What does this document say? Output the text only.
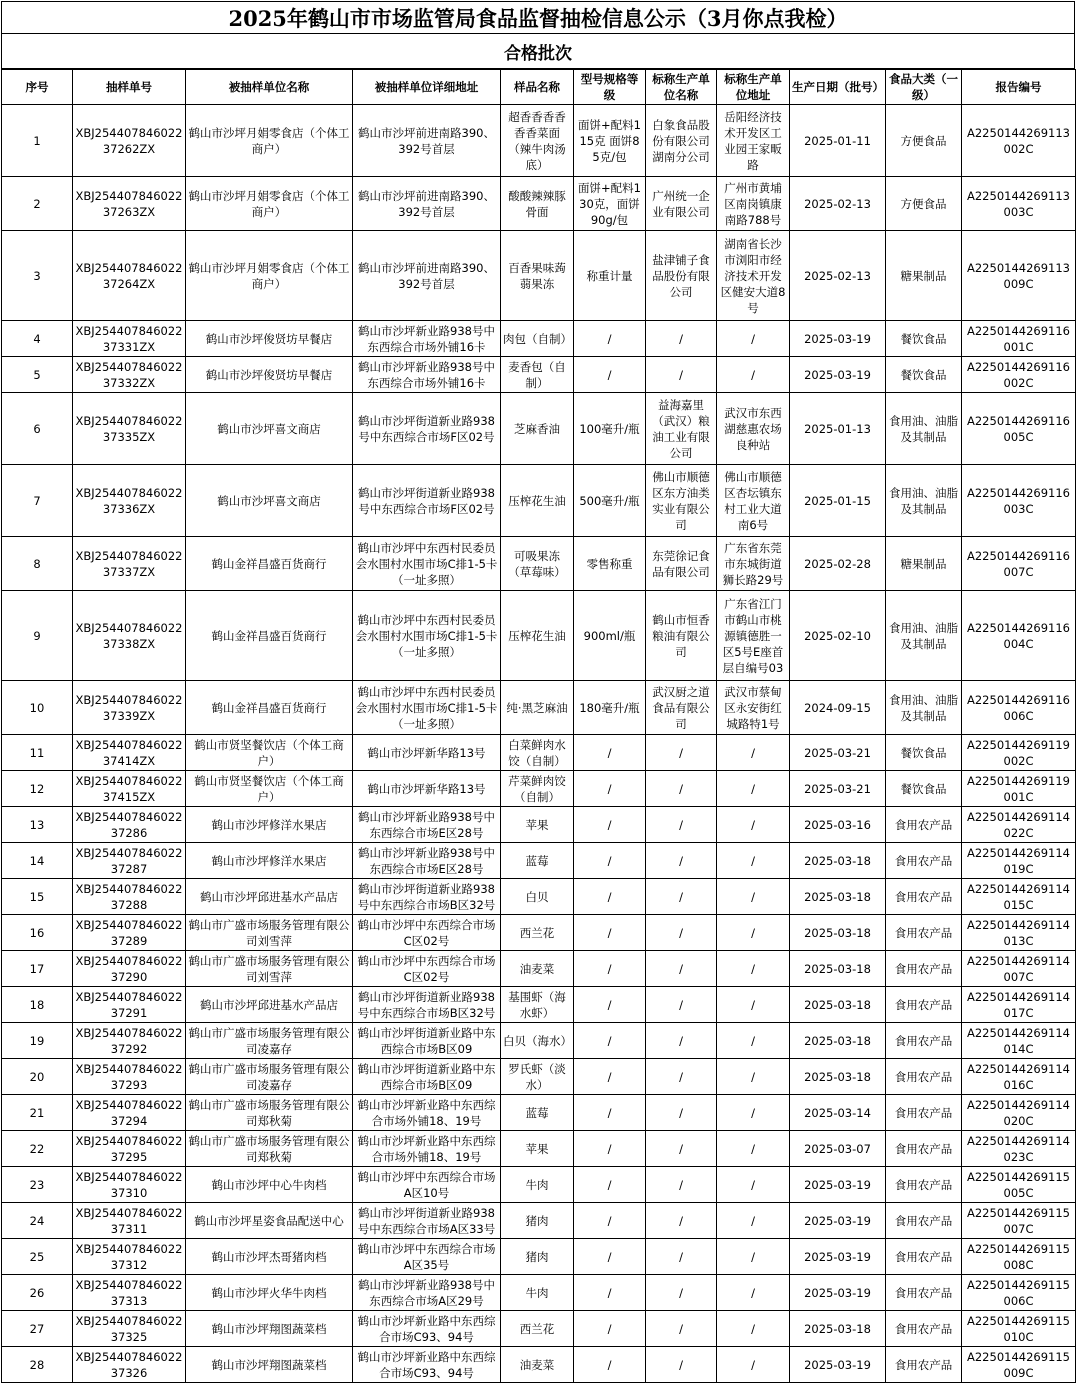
2025年鹤山市市场监管局食品监督抽检信息公示（3月你点我检）
合格批次
序号	抽样单号	被抽样单位名称	被抽样单位详细地址	样品名称	型号规格等级	标称生产单位名称	标称生产单位地址	生产日期（批号）	食品大类（一级）	报告编号
1	XBJ25440784602237262ZX	鹤山市沙坪月娟零食店（个体工商户）	鹤山市沙坪前进南路390、392号首层	超香香香香香香菜面（辣牛肉汤底）	面饼+配料115克 面饼85克/包	白象食品股份有限公司湖南分公司	岳阳经济技术开发区工业园王家畈路	2025-01-11	方便食品	A2250144269113002C
2	XBJ25440784602237263ZX	鹤山市沙坪月娟零食店（个体工商户）	鹤山市沙坪前进南路390、392号首层	酸酸辣辣豚骨面	面饼+配料130克，面饼90g/包	广州统一企业有限公司	广州市黄埔区南岗镇康南路788号	2025-02-13	方便食品	A2250144269113003C
3	XBJ25440784602237264ZX	鹤山市沙坪月娟零食店（个体工商户）	鹤山市沙坪前进南路390、392号首层	百香果味蒟蒻果冻	称重计量	盐津铺子食品股份有限公司	湖南省长沙市浏阳市经济技术开发区健安大道8号	2025-02-13	糖果制品	A2250144269113009C
4	XBJ25440784602237331ZX	鹤山市沙坪俊贤坊早餐店	鹤山市沙坪新业路938号中东西综合市场外铺16卡	肉包（自制）	/	/	/	2025-03-19	餐饮食品	A2250144269116001C
5	XBJ25440784602237332ZX	鹤山市沙坪俊贤坊早餐店	鹤山市沙坪新业路938号中东西综合市场外铺16卡	麦香包（自制）	/	/	/	2025-03-19	餐饮食品	A2250144269116002C
6	XBJ25440784602237335ZX	鹤山市沙坪喜文商店	鹤山市沙坪街道新业路938号中东西综合市场F区02号	芝麻香油	100毫升/瓶	益海嘉里（武汉）粮油工业有限公司	武汉市东西湖慈惠农场良种站	2025-01-13	食用油、油脂及其制品	A2250144269116005C
7	XBJ25440784602237336ZX	鹤山市沙坪喜文商店	鹤山市沙坪街道新业路938号中东西综合市场F区02号	压榨花生油	500毫升/瓶	佛山市顺德区东方油类实业有限公司	佛山市顺德区杏坛镇东村工业大道南6号	2025-01-15	食用油、油脂及其制品	A2250144269116003C
8	XBJ25440784602237337ZX	鹤山金祥昌盛百货商行	鹤山市沙坪中东西村民委员会水围村水围市场C排1-5卡（一址多照）	可吸果冻（草莓味）	零售称重	东莞徐记食品有限公司	广东省东莞市东城街道狮长路29号	2025-02-28	糖果制品	A2250144269116007C
9	XBJ25440784602237338ZX	鹤山金祥昌盛百货商行	鹤山市沙坪中东西村民委员会水围村水围市场C排1-5卡（一址多照）	压榨花生油	900ml/瓶	鹤山市恒香粮油有限公司	广东省江门市鹤山市桃源镇德胜一区5号E座首层自编号03	2025-02-10	食用油、油脂及其制品	A2250144269116004C
10	XBJ25440784602237339ZX	鹤山金祥昌盛百货商行	鹤山市沙坪中东西村民委员会水围村水围市场C排1-5卡（一址多照）	纯·黑芝麻油	180毫升/瓶	武汉厨之道食品有限公司	武汉市蔡甸区永安街红城路特1号	2024-09-15	食用油、油脂及其制品	A2250144269116006C
11	XBJ25440784602237414ZX	鹤山市贤坚餐饮店（个体工商户）	鹤山市沙坪新华路13号	白菜鲜肉水饺（自制）	/	/	/	2025-03-21	餐饮食品	A2250144269119002C
12	XBJ25440784602237415ZX	鹤山市贤坚餐饮店（个体工商户）	鹤山市沙坪新华路13号	芹菜鲜肉饺（自制）	/	/	/	2025-03-21	餐饮食品	A2250144269119001C
13	XBJ25440784602237286	鹤山市沙坪修洋水果店	鹤山市沙坪新业路938号中东西综合市场E区28号	苹果	/	/	/	2025-03-16	食用农产品	A2250144269114022C
14	XBJ25440784602237287	鹤山市沙坪修洋水果店	鹤山市沙坪新业路938号中东西综合市场E区28号	蓝莓	/	/	/	2025-03-18	食用农产品	A2250144269114019C
15	XBJ25440784602237288	鹤山市沙坪邱进基水产品店	鹤山市沙坪街道新业路938号中东西综合市场B区32号	白贝	/	/	/	2025-03-18	食用农产品	A2250144269114015C
16	XBJ25440784602237289	鹤山市广盛市场服务管理有限公司刘雪萍	鹤山市沙坪中东西综合市场C区02号	西兰花	/	/	/	2025-03-18	食用农产品	A2250144269114013C
17	XBJ25440784602237290	鹤山市广盛市场服务管理有限公司刘雪萍	鹤山市沙坪中东西综合市场C区02号	油麦菜	/	/	/	2025-03-18	食用农产品	A2250144269114007C
18	XBJ25440784602237291	鹤山市沙坪邱进基水产品店	鹤山市沙坪街道新业路938号中东西综合市场B区32号	基围虾（海水虾）	/	/	/	2025-03-18	食用农产品	A2250144269114017C
19	XBJ25440784602237292	鹤山市广盛市场服务管理有限公司凌嘉存	鹤山市沙坪街道新业路中东西综合市场B区09	白贝（海水）	/	/	/	2025-03-18	食用农产品	A2250144269114014C
20	XBJ25440784602237293	鹤山市广盛市场服务管理有限公司凌嘉存	鹤山市沙坪街道新业路中东西综合市场B区09	罗氏虾（淡水）	/	/	/	2025-03-18	食用农产品	A2250144269114016C
21	XBJ25440784602237294	鹤山市广盛市场服务管理有限公司郑秋菊	鹤山市沙坪新业路中东西综合市场外铺18、19号	蓝莓	/	/	/	2025-03-14	食用农产品	A2250144269114020C
22	XBJ25440784602237295	鹤山市广盛市场服务管理有限公司郑秋菊	鹤山市沙坪新业路中东西综合市场外铺18、19号	苹果	/	/	/	2025-03-07	食用农产品	A2250144269114023C
23	XBJ25440784602237310	鹤山市沙坪中心牛肉档	鹤山市沙坪中东西综合市场A区10号	牛肉	/	/	/	2025-03-19	食用农产品	A2250144269115005C
24	XBJ25440784602237311	鹤山市沙坪星姿食品配送中心	鹤山市沙坪街道新业路938号中东西综合市场A区33号	猪肉	/	/	/	2025-03-19	食用农产品	A2250144269115007C
25	XBJ25440784602237312	鹤山市沙坪杰哥猪肉档	鹤山市沙坪中东西综合市场A区35号	猪肉	/	/	/	2025-03-19	食用农产品	A2250144269115008C
26	XBJ25440784602237313	鹤山市沙坪火华牛肉档	鹤山市沙坪新业路938号中东西综合市场A区29号	牛肉	/	/	/	2025-03-19	食用农产品	A2250144269115006C
27	XBJ25440784602237325	鹤山市沙坪翔图蔬菜档	鹤山市沙坪新业路中东西综合市场C93、94号	西兰花	/	/	/	2025-03-18	食用农产品	A2250144269115010C
28	XBJ25440784602237326	鹤山市沙坪翔图蔬菜档	鹤山市沙坪新业路中东西综合市场C93、94号	油麦菜	/	/	/	2025-03-19	食用农产品	A2250144269115009C
